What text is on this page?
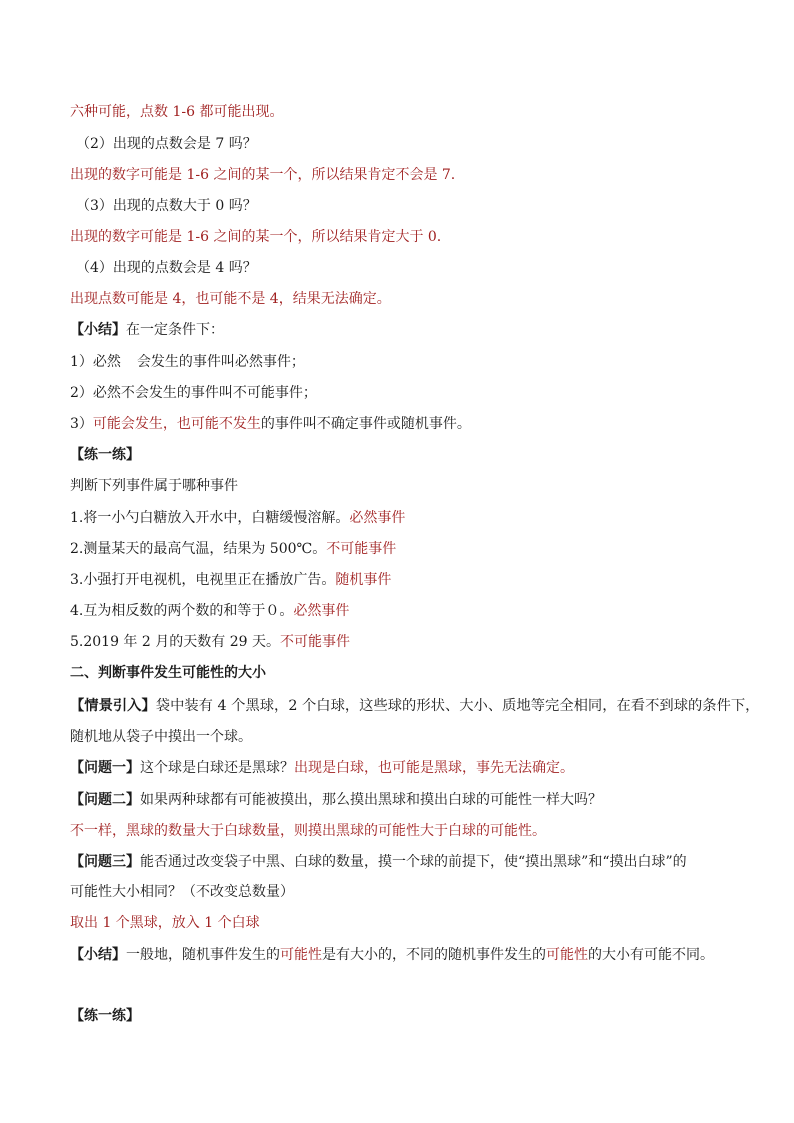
六种可能，点数 1-6 都可能出现。
（2）出现的点数会是 7 吗？
出现的数字可能是 1-6 之间的某一个，所以结果肯定不会是 7.
（3）出现的点数大于 0 吗？
出现的数字可能是 1-6 之间的某一个，所以结果肯定大于 0.
（4）出现的点数会是 4 吗？
出现点数可能是 4，也可能不是 4，结果无法确定。
【小结】在一定条件下：
1）必然 会发生的事件叫必然事件；
2）必然不会发生的事件叫不可能事件；
3）可能会发生，也可能不发生的事件叫不确定事件或随机事件。
【练一练】
判断下列事件属于哪种事件
1.将一小勺白糖放入开水中，白糖缓慢溶解。必然事件
2.测量某天的最高气温，结果为 500℃。不可能事件
3.小强打开电视机，电视里正在播放广告。随机事件
4.互为相反数的两个数的和等于０。必然事件
5.2019 年 2 月的天数有 29 天。不可能事件
二、判断事件发生可能性的大小
【情景引入】袋中装有 4 个黑球，2 个白球，这些球的形状、大小、质地等完全相同，在看不到球的条件下，
随机地从袋子中摸出一个球。
【问题一】这个球是白球还是黑球？出现是白球，也可能是黑球，事先无法确定。
【问题二】如果两种球都有可能被摸出，那么摸出黑球和摸出白球的可能性一样大吗？
不一样，黑球的数量大于白球数量，则摸出黑球的可能性大于白球的可能性。
【问题三】能否通过改变袋子中黑、白球的数量，摸一个球的前提下，使“摸出黑球”和“摸出白球”的
可能性大小相同？（不改变总数量）
取出 1 个黑球，放入 1 个白球
【小结】一般地，随机事件发生的可能性是有大小的，不同的随机事件发生的可能性的大小有可能不同。
【练一练】
